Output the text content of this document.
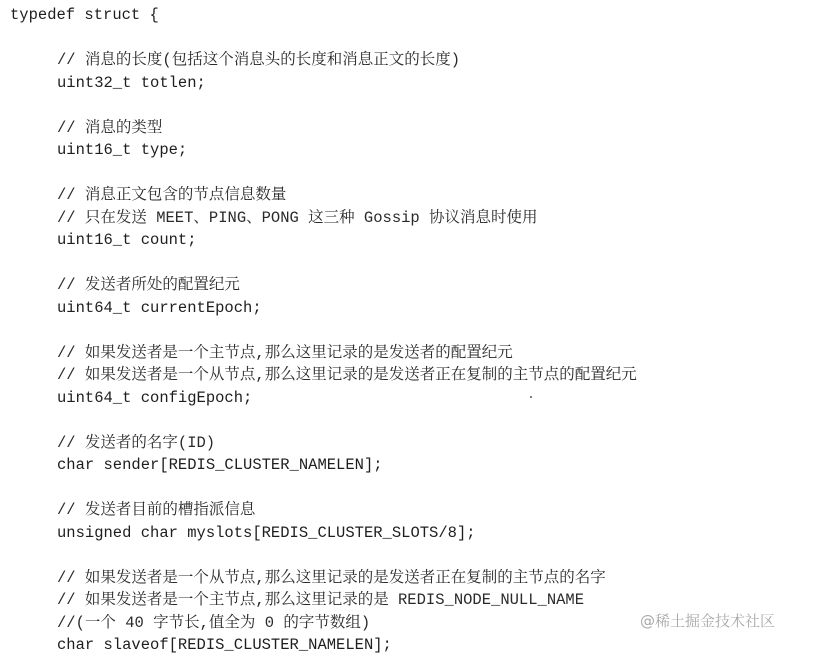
typedef struct {
// 消息的长度(包括这个消息头的长度和消息正文的长度)
uint32_t totlen;
// 消息的类型
uint16_t type;
// 消息正文包含的节点信息数量
// 只在发送 MEET、PING、PONG 这三种 Gossip 协议消息时使用
uint16_t count;
// 发送者所处的配置纪元
uint64_t currentEpoch;
// 如果发送者是一个主节点,那么这里记录的是发送者的配置纪元
// 如果发送者是一个从节点,那么这里记录的是发送者正在复制的主节点的配置纪元
uint64_t configEpoch;
// 发送者的名字(ID)
char sender[REDIS_CLUSTER_NAMELEN];
// 发送者目前的槽指派信息
unsigned char myslots[REDIS_CLUSTER_SLOTS/8];
// 如果发送者是一个从节点,那么这里记录的是发送者正在复制的主节点的名字
// 如果发送者是一个主节点,那么这里记录的是 REDIS_NODE_NULL_NAME
//(一个 40 字节长,值全为 0 的字节数组)
char slaveof[REDIS_CLUSTER_NAMELEN];
@稀土掘金技术社区
